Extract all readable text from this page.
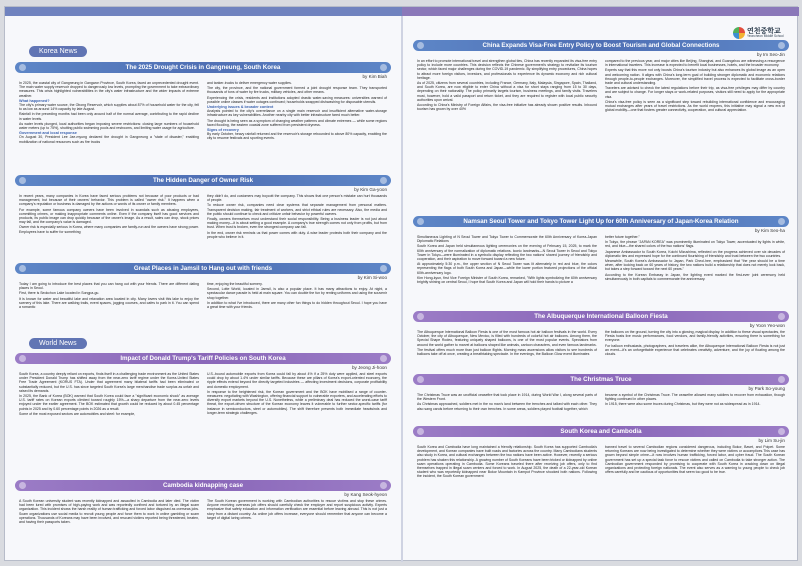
Korea News
The 2025 Drought Crisis in Gangneung, South Korea
by Kim Biah

In 2025, the coastal city of Gangneung in Gangwon Province, South Korea, faced an unprecedented drought event. The main water supply reservoir dropped to dangerously low levels, prompting the government to take extraordinary measures. This crisis highlighted vulnerabilities in the city's water infrastructure and the wider impacts of extreme weather.

What happened?

The city's primary water source, the Obong Reservoir, which supplies about 87% of household water for the city, fell to as low as around 14% capacity by late August.

Rainfall in the preceding months had been only around half of the normal average, contributing to the rapid decline in water levels.

As water levels plunged, local authorities began imposing severe restrictions: closing large numbers of household water meters (up to 75%), shutting public swimming pools and restrooms, and limiting water usage for agriculture.

Government and local response

On August 30, President Lee Jae-myung declared the drought in Gangneung a "state of disaster," enabling mobilization of national resources such as fire trucks

and tanker-trucks to deliver emergency water supplies.

The city, the province, and the national government formed a joint drought response team. They transported thousands of tons of water by fire trucks, military vehicles, and other means.

Experiencing the crisis, residents and institutions adopted drastic water-saving measures: universities warned of possible online classes if water outages continued; households swapped dishwashing for disposable utensils.

Underlying issues & broader context

Analysts pointed to the city's overreliance on a single main reservoir and insufficient alternative water-storage infrastructure as key vulnerabilities. Another nearby city with better infrastructure fared much better.

The drought is being seen as a symptom of changing weather patterns and climate extremes — while some regions faced flooding, the eastern coastal zone suffered from persistent dryness.

Signs of recovery

By early October, heavy rainfall returned and the reservoir's storage rebounded to above 80% capacity, enabling the city to resume festivals and sporting events.

The Hidden Danger of Owner Risk
by Kim Ga-yoon

In recent years, many companies in Korea have faced serious problems not because of poor products or bad management, but because of their owners' behavior. This problem is called "owner risk." It happens when a company's reputation or business is damaged by the actions or words of its owner or family members.

For example, some famous company owners have been involved in scandals such as abusing employees, committing crimes, or making inappropriate comments online. Even if the company itself has good services and products, its public image can drop quickly because of the owner's image. As a result, sales can drop, stock prices may fall, and the company's value is damaged.

Owner risk is especially serious in Korea, where many companies are family-run and the owners have strong power. Employees have to suffer for something

they didn't do, and customers may boycott the company. This shows that one person's mistake can hurt thousands of people.

To reduce owner risk, companies need clear systems that separate management from personal matters. Transparent decision making, fair treatment of workers, and strict ethical rules are necessary. Also, the media and the public should continue to check and criticize unfair behavior by powerful owners.

Finally, owners themselves must understand their social responsibility. Being a business leader is not just about making money—it is about setting a good example. A company's true strength comes not only from profits, but from trust. When trust is broken, even the strongest company can fall.

In the end, owner risk reminds us that power comes with duty. A wise leader protects both their company and the people who believe in it.

Great Places in Jamsil to Hang out with friends
by Kim Si-woo

Today I am going to introduce the best places that you can hang out with your friends. There are different dating places in Seoul.

First, there is Seokchon Lake located in Songpa-gu.

It is known for water and beautiful lake and relaxation area located in city. Many lovers visit this lake to enjoy the scenery of this lake. There are walking trails, event spaces, jogging courses, and cafes to park in it. You can spend a romantic

time, enjoying the beautiful scenery.

Second, Lotte World, located in Jamsil, is also a popular place. It has many attractions to enjoy. At night, a spectacular dance parade is held at main square. You can double the fun by renting uniforms and using the souvenir shop together.

In addition to what I've introduced, there are many other fun things to do hidden throughout Seoul. I hope you have a great time with your friends.

World News
Impact of Donald Trump's Tariff Policies on South Korea
by Jeong Ji-hoon

South Korea, a country deeply reliant on exports, finds itself in a challenging trade environment as the United States under President Donald Trump has shifted away from the near-zero tariff regime under the Korea-United States Free Trade Agreement (KORUS FTA). Under that agreement many bilateral tariffs had been eliminated or substantially reduced, but the U.S. has since targeted South Korea's large merchandise trade surplus as unfair and raised its demands.

In 2025, the Bank of Korea (BOK) warned that South Korea could face a "significant economic shock" as average U.S. tariff rates on Korean exports climbed toward roughly 15%—a sharp departure from the near-zero levels enjoyed under the earlier agreement. The BOK estimated that growth could be reduced by about 0.45 percentage points in 2025 and by 0.60 percentage points in 2026 as a result.

Some of the most exposed sectors are automobiles and steel: for example,

U.S.-bound automobile exports from Korea could fall by about 4% if a 25% duty were applied, and steel exports could drop by about 1.4% under similar tariffs. Because these are pillars of Korea's export-oriented economy, the ripple effects extend beyond the directly targeted industries — affecting investment decisions, corporate profitability and domestic employment.

In response to the heightened risk, the Korean government and the BOK have mobilised a range of counter-measures: negotiating with Washington, offering financial support to vulnerable exporters, and accelerating efforts to diversify export markets beyond the U.S. Nonetheless, while a preliminary deal has reduced the worst-case tariff threat, the export-driven structure of the Korean economy leaves it vulnerable to further sector-specific tariffs (for instance in semiconductors, steel or automobiles). The shift therefore presents both immediate headwinds and longer-term strategic challenges.

Cambodia kidnapping case
by Kang Seok-hyeon

A South Korean university student was recently kidnapped and assaulted in Cambodia and later died. The victim had been lured with promises of high-paying work and was reportedly confined and tortured by an illegal scam organization. This incident shows the harsh reality of human trafficking and forced labor disguised as overseas jobs. Scam organizations use social media to recruit young people and force them to work in online gambling or scam operations. Thousands of Koreans may have been involved, and rescued victims reported being threatened, beaten, and having their passports taken.

The South Korean government is working with Cambodian authorities to rescue victims and stop these crimes. Anyone receiving overseas job offers should carefully check the employer and report suspicious activity. Experts emphasize that safety education and information verification are essential before leaving abroad. This is not just a story from a distant country. As online job offers increase, everyone should remember that anyone can become a target of digital luring crimes.

연천중학교
Yeoncheon Middle School
China Expands Visa-Free Entry Policy to Boost Tourism and Global Connections
by Im Seo-Jin

In an effort to promote international travel and strengthen global ties, China has recently expanded its visa-free entry policy to include more countries. This decision reflects the Chinese government's strategy to revitalize its tourism sector, which faced major challenges during the COVID-19 pandemic. By simplifying entry procedures, China hopes to attract more foreign visitors, investors, and professionals to experience its dynamic economy and rich cultural heritage.

As of 2025, citizens from several countries, including France, Germany, Italy, Malaysia, Singapore, Spain, Thailand, and South Korea, are now eligible to enter China without a visa for short stays ranging from 15 to 30 days, depending on their nationality. The policy primarily targets tourism, business meetings, and family visits. Travelers must, however, hold a valid passport and return ticket, and they are required to register with local public security authorities upon arrival.

According to China's Ministry of Foreign Affairs, the visa-free initiative has already shown positive results. Inbound tourism has grown by over 40%

compared to the previous year, and major cities like Beijing, Shanghai, and Guangzhou are witnessing a resurgence in international travelers. This increase is expected to benefit local businesses, hotels, and the broader economy.

Experts say that this move not only boosts China's tourism industry but also enhances its global image as an open and welcoming nation. It aligns with China's long-term goal of building stronger diplomatic and economic relations through people-to-people exchanges. Moreover, the simplified travel process is expected to facilitate cross-border trade and cultural understanding.

Travelers are advised to check the latest regulations before their trip, as visa-free privileges may differ by country and are subject to change. For longer stays or work-related purposes, visitors still need to apply for the appropriate visa.

China's visa-free policy is seen as a significant step toward rebuilding international confidence and encouraging mutual exchanges after years of travel restrictions. As the world reopens, this initiative may signal a new era of global mobility—one that fosters greater connectivity, cooperation, and cultural appreciation.

Namsan Seoul Tower and Tokyo Tower Light Up for 60th Anniversary of Japan-Korea Relation
by Kim Seo-ha

Simultaneous Lighting of N Seoul Tower and Tokyo Tower to Commemorate the 60th Anniversary of Korea-Japan Diplomatic Relations

South Korea and Japan held simultaneous lighting ceremonies on the evening of February 15, 2025, to mark the 60th anniversary of the normalization of diplomatic relations. Iconic landmarks—N Seoul Tower in Seoul and Tokyo Tower in Tokyo—were illuminated in a symbolic display reflecting the two nations' shared journey of friendship and cooperation, and their aspiration to move forward toward a new future.

At approximately 5:30 p.m., the upper section of N Seoul Tower was lit alternately in red and blue, the colors representing the flags of both South Korea and Japan—while the lower portion featured projections of the official 60th-anniversary logo.

Kim Hong-kyun, first Vice Foreign Minister of South Korea, remarked, "With lights symbolizing the 60th anniversary brightly shining on central Seoul, I hope that South Korea and Japan will hold their hands to picture a

better future together."

In Tokyo, the phrase "JAPAN KOREA" was prominently illuminated on Tokyo Tower, accentuated by lights in white, red, and blue—the shared colors of the two nations' flags.

Japanese Ambassador to South Korea, Koichi Mizushima, reflected on the progress achieved over six decades of diplomatic ties and expressed hope for the continued flourishing of friendship and trust between the two countries.

Meanwhile, South Korea's Ambassador to Japan, Park Cheol-hee, emphasized that "the year should be a time when, after looking back on 60 years of history, the two nations build a relationship that does not merely look back, but takes a step forward toward the next 60 years."

According to the Korean Embassy in Japan, the lighting event marked the first-ever joint ceremony held simultaneously in both capitals to commemorate the anniversary.

The Albuquerque International Balloon Fiesta
by Yoon Yeo-won

The Albuquerque International Balloon Fiesta is one of the most famous hot air balloon festivals in the world. Every October, the city of Albuquerque, New Mexico, is filled with hundreds of colorful hot air balloons. Among them, the Special Shape Rodeo, featuring uniquely shaped balloons, is one of the most popular events. Spectators from around the world gather to marvel at balloons shaped like animals, cartoon characters, and even famous landmarks.

The festival offers much more than just balloon flights. Morning mass ascensions allow visitors to see hundreds of balloons take off at once, creating a breathtaking spectacle. In the evenings, the Balloon Glow event illuminates

the balloons on the ground, turning the city into a glowing, magical display. In addition to these visual spectacles, the Fiesta hosts live music performances, food vendors, and family-friendly activities, ensuring there is something for everyone.

For balloon enthusiasts, photographers, and travelers alike, the Albuquerque International Balloon Fiesta is not just an event—it's an unforgettable experience that celebrates creativity, adventure, and the joy of floating among the clouds.

The Christmas Truce
by Park So-young

The Christmas Truce was an unofficial ceasefire that took place in 1914, during World War I, along several parts of the Western Front.

As Christmas approached, soldiers met in the no man's land between the trenches and talked with each other. They also sang carols before returning to their own trenches. In some areas, soldiers played football together, which

became a symbol of the Christmas Truce. The ceasefire allowed many soldiers to recover from exhaustion, though fighting continued in other places.

In 1915, there were also some truces during Christmas, but they were not as widespread as in 1914.

South Korea and Cambodia
by Lim Su-jin

South Korea and Cambodia have long maintained a friendly relationship. South Korea has supported Cambodia's development, and Korean companies have built roads and factories across the country. Many Cambodians students also study in Korea, and cultural exchanges between the two nations have been active. However, recently a serious problem has shaken this relationship. A growing number of South Koreans have been tricked or kidnapped by online scam operations operating in Cambodia. Some Koreans traveled there after receiving job offers, only to find themselves trapped in illegal scam centers and forced to work. In August 2025, the death of a 22-year-old Korean student who was reportedly kidnapped near Bokor Mountain in Kampot Province shocked both nations. Following the incident, the South Korean government

banned travel to several Cambodian regions considered dangerous, including Bokor, Bavet, and Poipet. Some returning Koreans are now being investigated to determine whether they were victims or accomplices.This case has grown beyond simple crime—it now involves human trafficking, forced labor, and cyber fraud. The South Korean government has set up a special task force to rescue victims and called on Cambodia to take stronger action. The Cambodian government responded by promising to cooperate with South Korea in cracking down on illegal organizations and protecting foreign nationals. The event also serves as a warning to young people to check job offers carefully and be cautious of opportunities that seem too good to be true.
